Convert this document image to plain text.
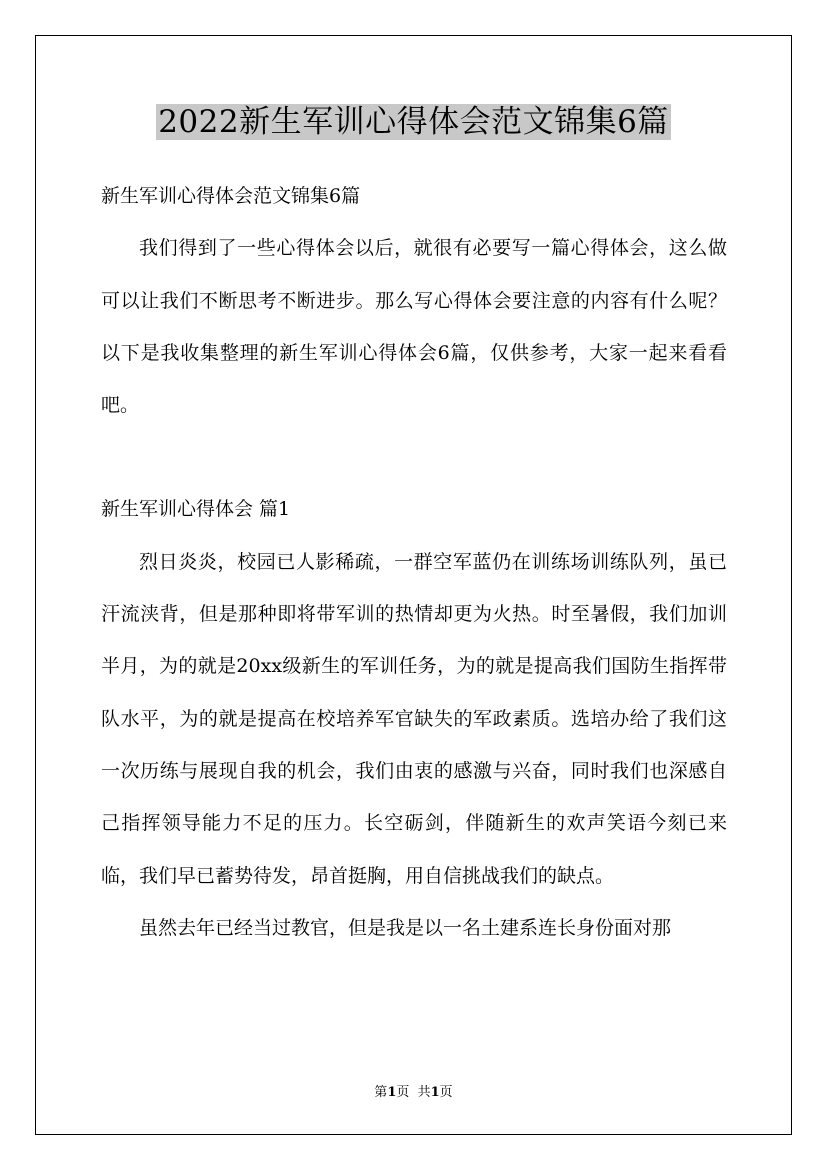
2022新生军训心得体会范文锦集6篇

新生军训心得体会范文锦集6篇

我们得到了一些心得体会以后，就很有必要写一篇心得体会，这么做可以让我们不断思考不断进步。那么写心得体会要注意的内容有什么呢？以下是我收集整理的新生军训心得体会6篇，仅供参考，大家一起来看看吧。

新生军训心得体会 篇1

烈日炎炎，校园已人影稀疏，一群空军蓝仍在训练场训练队列，虽已汗流浃背，但是那种即将带军训的热情却更为火热。时至暑假，我们加训半月，为的就是20xx级新生的军训任务，为的就是提高我们国防生指挥带队水平，为的就是提高在校培养军官缺失的军政素质。选培办给了我们这一次历练与展现自我的机会，我们由衷的感激与兴奋，同时我们也深感自己指挥领导能力不足的压力。长空砺剑，伴随新生的欢声笑语今刻已来临，我们早已蓄势待发，昂首挺胸，用自信挑战我们的缺点。

虽然去年已经当过教官，但是我是以一名土建系连长身份面对那

第1页  共1页
